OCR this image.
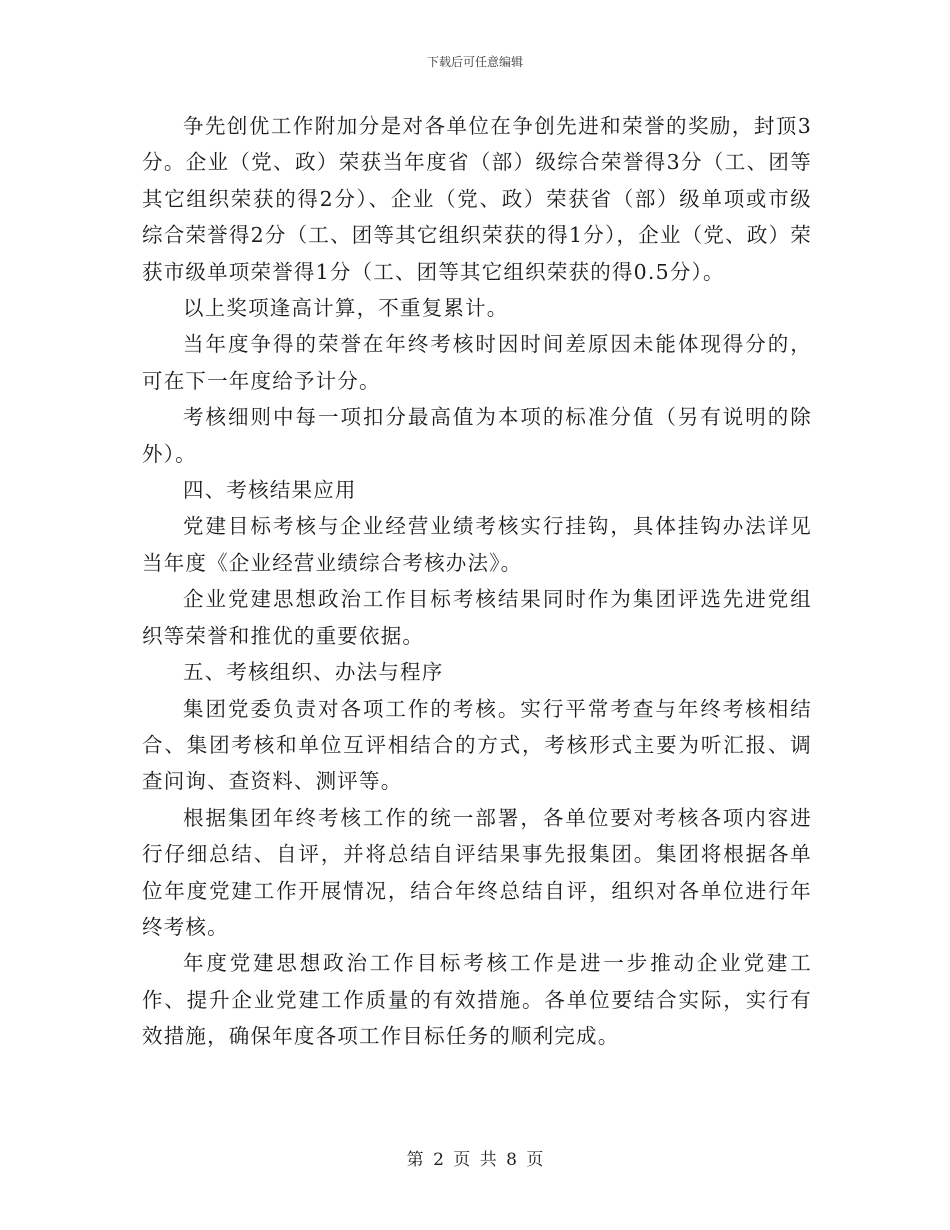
下载后可任意编辑

争先创优工作附加分是对各单位在争创先进和荣誉的奖励，封顶3分。企业（党、政）荣获当年度省（部）级综合荣誉得3分（工、团等其它组织荣获的得2分）、企业（党、政）荣获省（部）级单项或市级综合荣誉得2分（工、团等其它组织荣获的得1分），企业（党、政）荣获市级单项荣誉得1分（工、团等其它组织荣获的得0.5分）。

以上奖项逢高计算，不重复累计。

当年度争得的荣誉在年终考核时因时间差原因未能体现得分的，可在下一年度给予计分。

考核细则中每一项扣分最高值为本项的标准分值（另有说明的除外）。

四、考核结果应用

党建目标考核与企业经营业绩考核实行挂钩，具体挂钩办法详见当年度《企业经营业绩综合考核办法》。

企业党建思想政治工作目标考核结果同时作为集团评选先进党组织等荣誉和推优的重要依据。

五、考核组织、办法与程序

集团党委负责对各项工作的考核。实行平常考查与年终考核相结合、集团考核和单位互评相结合的方式，考核形式主要为听汇报、调查问询、查资料、测评等。

根据集团年终考核工作的统一部署，各单位要对考核各项内容进行仔细总结、自评，并将总结自评结果事先报集团。集团将根据各单位年度党建工作开展情况，结合年终总结自评，组织对各单位进行年终考核。

年度党建思想政治工作目标考核工作是进一步推动企业党建工作、提升企业党建工作质量的有效措施。各单位要结合实际，实行有效措施，确保年度各项工作目标任务的顺利完成。

第 2 页 共 8 页
